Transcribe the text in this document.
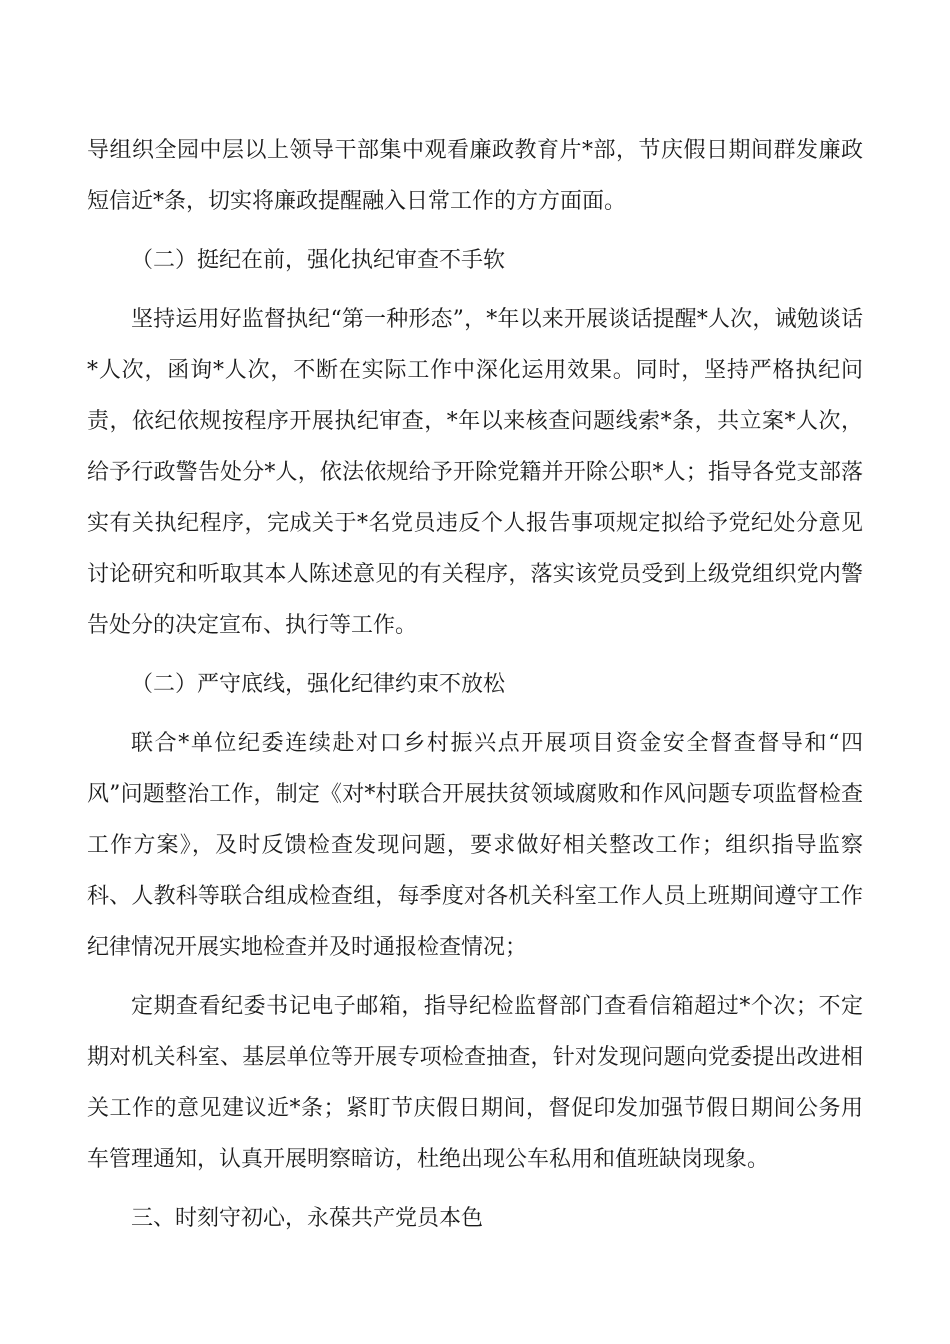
导组织全园中层以上领导干部集中观看廉政教育片*部，节庆假日期间群发廉政短信近*条，切实将廉政提醒融入日常工作的方方面面。

（二）挺纪在前，强化执纪审查不手软

坚持运用好监督执纪“第一种形态”，*年以来开展谈话提醒*人次，诫勉谈话*人次，函询*人次，不断在实际工作中深化运用效果。同时，坚持严格执纪问责，依纪依规按程序开展执纪审查，*年以来核查问题线索*条，共立案*人次，给予行政警告处分*人，依法依规给予开除党籍并开除公职*人；指导各党支部落实有关执纪程序，完成关于*名党员违反个人报告事项规定拟给予党纪处分意见讨论研究和听取其本人陈述意见的有关程序，落实该党员受到上级党组织党内警告处分的决定宣布、执行等工作。

（二）严守底线，强化纪律约束不放松

联合*单位纪委连续赴对口乡村振兴点开展项目资金安全督查督导和“四风”问题整治工作，制定《对*村联合开展扶贫领域腐败和作风问题专项监督检查工作方案》，及时反馈检查发现问题，要求做好相关整改工作；组织指导监察科、人教科等联合组成检查组，每季度对各机关科室工作人员上班期间遵守工作纪律情况开展实地检查并及时通报检查情况；

定期查看纪委书记电子邮箱，指导纪检监督部门查看信箱超过*个次；不定期对机关科室、基层单位等开展专项检查抽查，针对发现问题向党委提出改进相关工作的意见建议近*条；紧盯节庆假日期间，督促印发加强节假日期间公务用车管理通知，认真开展明察暗访，杜绝出现公车私用和值班缺岗现象。

三、时刻守初心，永葆共产党员本色
